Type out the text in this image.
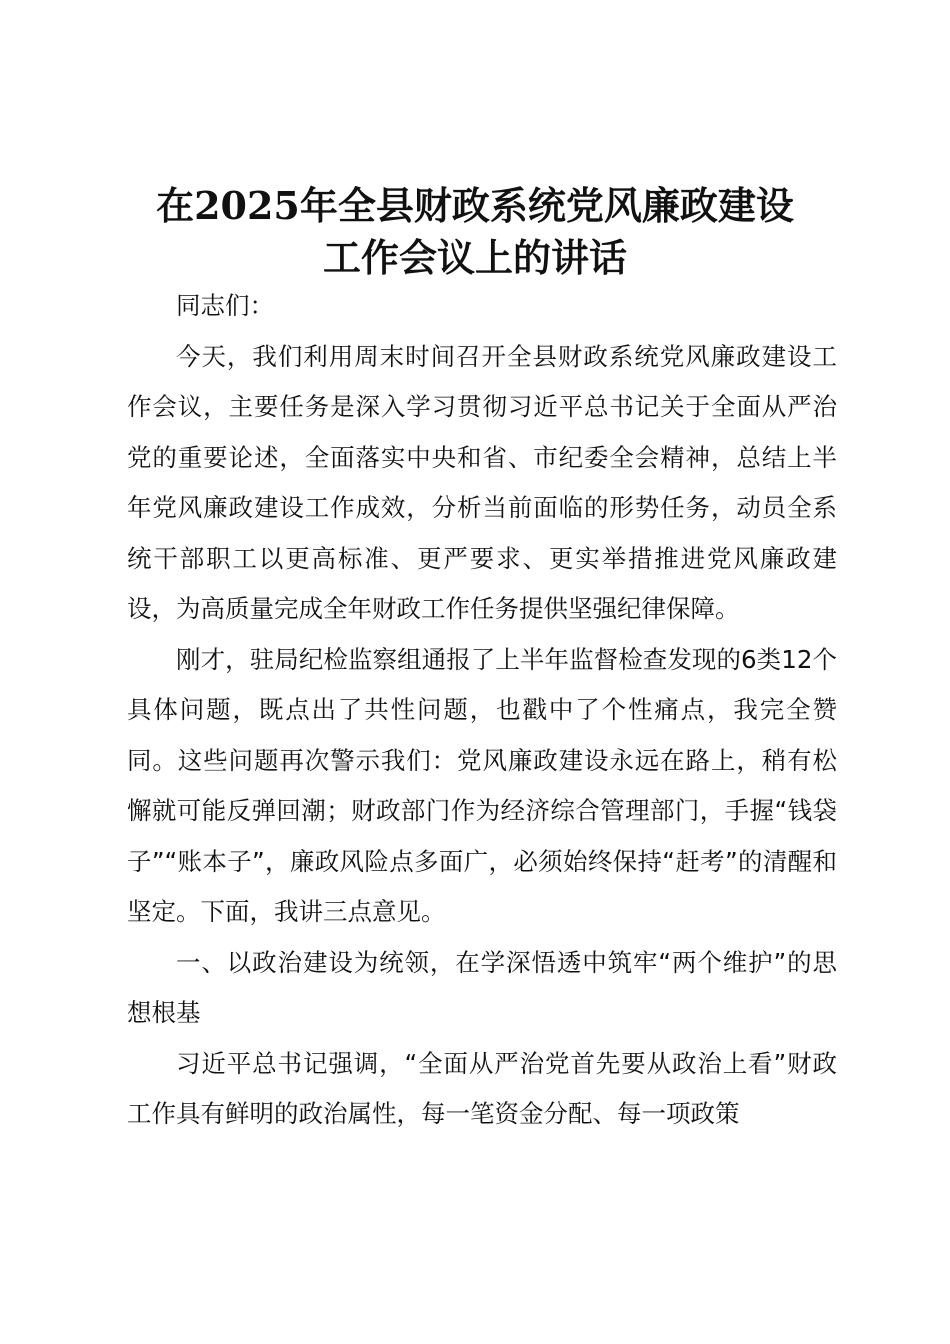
在2025年全县财政系统党风廉政建设
工作会议上的讲话

同志们：

今天，我们利用周末时间召开全县财政系统党风廉政建设工作会议，主要任务是深入学习贯彻习近平总书记关于全面从严治党的重要论述，全面落实中央和省、市纪委全会精神，总结上半年党风廉政建设工作成效，分析当前面临的形势任务，动员全系统干部职工以更高标准、更严要求、更实举措推进党风廉政建设，为高质量完成全年财政工作任务提供坚强纪律保障。

刚才，驻局纪检监察组通报了上半年监督检查发现的6类12个具体问题，既点出了共性问题，也戳中了个性痛点，我完全赞同。这些问题再次警示我们：党风廉政建设永远在路上，稍有松懈就可能反弹回潮；财政部门作为经济综合管理部门，手握“钱袋子”“账本子”，廉政风险点多面广，必须始终保持“赶考”的清醒和坚定。下面，我讲三点意见。

一、以政治建设为统领，在学深悟透中筑牢“两个维护”的思想根基

习近平总书记强调，“全面从严治党首先要从政治上看”财政工作具有鲜明的政治属性，每一笔资金分配、每一项政策
